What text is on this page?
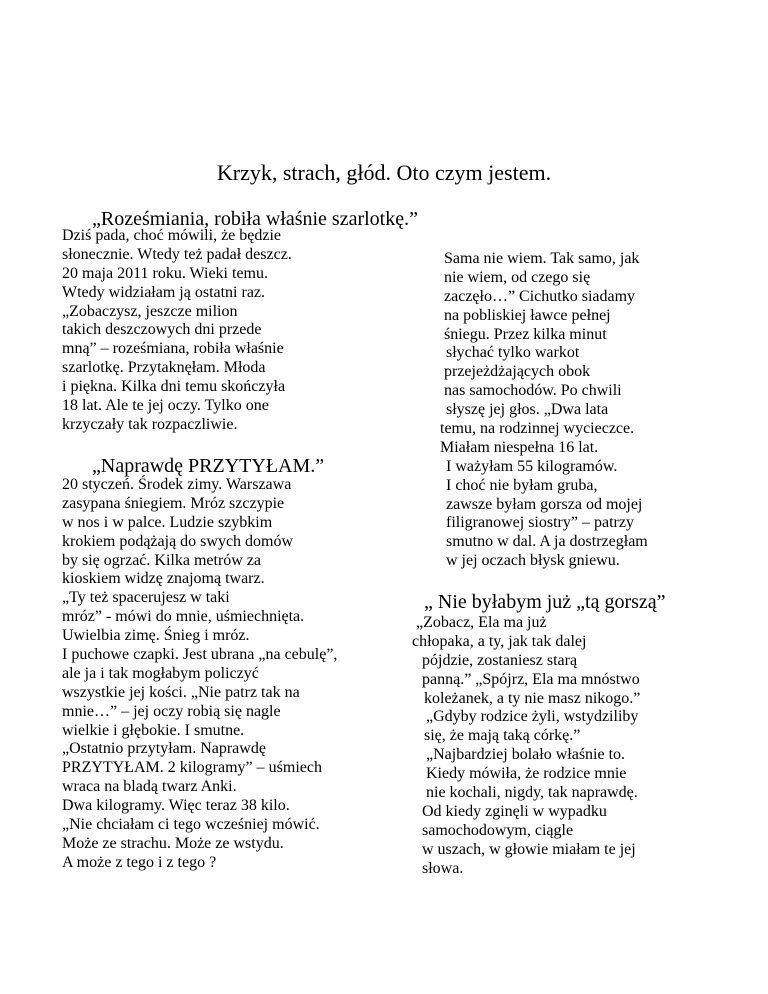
Krzyk, strach, głód. Oto czym jestem.
„Roześmiania, robiła właśnie szarlotkę.”
Dziś pada, choć mówili, że będzie
słonecznie. Wtedy też padał deszcz.
20 maja 2011 roku. Wieki temu.
Wtedy widziałam ją ostatni raz.
„Zobaczysz, jeszcze milion
takich deszczowych dni przede
mną” – roześmiana, robiła właśnie
szarlotkę. Przytaknęłam. Młoda
i piękna. Kilka dni temu skończyła
18 lat. Ale te jej oczy. Tylko one
krzyczały tak rozpaczliwie.
„Naprawdę PRZYTYŁAM.”
20 styczeń. Środek zimy. Warszawa
zasypana śniegiem. Mróz szczypie
w nos i w palce. Ludzie szybkim
krokiem podążają do swych domów
by się ogrzać. Kilka metrów za
kioskiem widzę znajomą twarz.
„Ty też spacerujesz w taki
mróz” - mówi do mnie, uśmiechnięta.
Uwielbia zimę. Śnieg i mróz.
I puchowe czapki. Jest ubrana „na cebulę”,
ale ja i tak mogłabym policzyć
wszystkie jej kości. „Nie patrz tak na
mnie…” – jej oczy robią się nagle
wielkie i głębokie. I smutne.
„Ostatnio przytyłam. Naprawdę
PRZYTYŁAM. 2 kilogramy” – uśmiech
wraca na bladą twarz Anki.
Dwa kilogramy. Więc teraz 38 kilo.
„Nie chciałam ci tego wcześniej mówić.
Może ze strachu. Może ze wstydu.
A może z tego i z tego ?
Sama nie wiem. Tak samo, jak
nie wiem, od czego się
zaczęło…” Cichutko siadamy
na pobliskiej ławce pełnej
śniegu. Przez kilka minut
słychać tylko warkot
przejeżdżających obok
nas samochodów. Po chwili
słyszę jej głos. „Dwa lata
temu, na rodzinnej wycieczce.
Miałam niespełna 16 lat.
I ważyłam 55 kilogramów.
I choć nie byłam gruba,
zawsze byłam gorsza od mojej
filigranowej siostry” – patrzy
smutno w dal. A ja dostrzegłam
w jej oczach błysk gniewu.
„ Nie byłabym już „tą gorszą”
„Zobacz, Ela ma już
chłopaka, a ty, jak tak dalej
pójdzie, zostaniesz starą
panną.” „Spójrz, Ela ma mnóstwo
koleżanek, a ty nie masz nikogo.”
„Gdyby rodzice żyli, wstydziliby
się, że mają taką córkę.”
„Najbardziej bolało właśnie to.
Kiedy mówiła, że rodzice mnie
nie kochali, nigdy, tak naprawdę.
Od kiedy zginęli w wypadku
samochodowym, ciągle
w uszach, w głowie miałam te jej
słowa.
